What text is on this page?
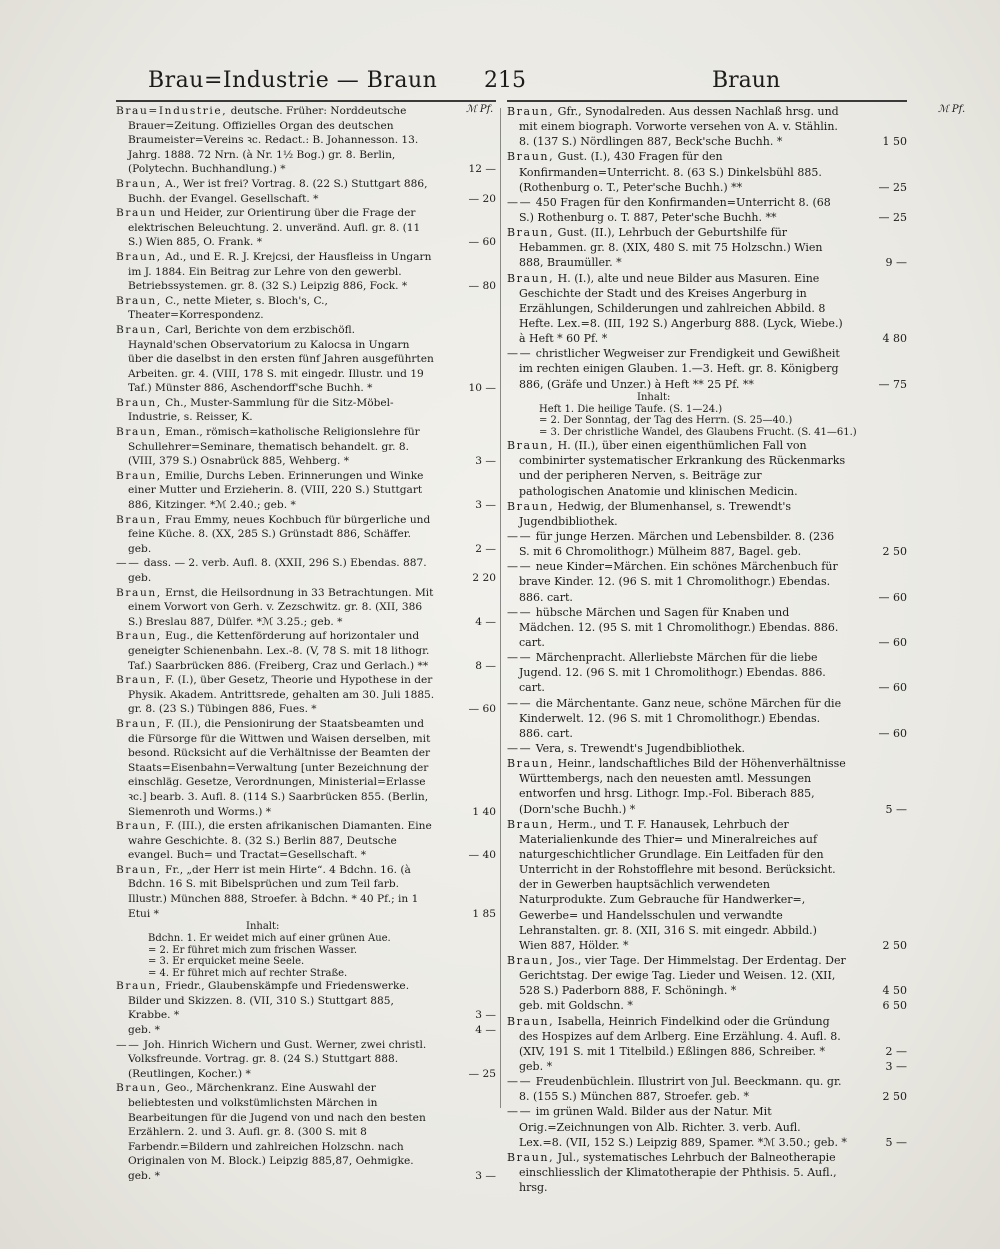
Brau=Industrie — Braun 215	Braun
ℳ Pf.	ℳ Pf.
Brau=Industrie, deutsche. Früher: Norddeutsche Brauer=Zeitung. Offizielles Organ des deutschen Braumeister=Vereins ꝛc. Redact.: B. Johannesson. 13. Jahrg. 1888. 72 Nrn. (à Nr. 1½ Bog.) gr. 8. Berlin, (Polytechn. Buchhandlung.) *	12 —
Braun, A., Wer ist frei? Vortrag. 8. (22 S.) Stuttgart 886, Buchh. der Evangel. Gesellschaft. *	— 20
Braun und Heider, zur Orientirung über die Frage der elektrischen Beleuchtung. 2. unveränd. Aufl. gr. 8. (11 S.) Wien 885, O. Frank. *	— 60
Braun, Ad., und E. R. J. Krejcsi, der Hausfleiss in Ungarn im J. 1884. Ein Beitrag zur Lehre von den gewerbl. Betriebssystemen. gr. 8. (32 S.) Leipzig 886, Fock. *	— 80
Braun, C., nette Mieter, s. Bloch's, C., Theater=Korrespondenz.
Braun, Carl, Berichte von dem erzbischöfl. Haynald'schen Observatorium zu Kalocsa in Ungarn über die daselbst in den ersten fünf Jahren ausgeführten Arbeiten. gr. 4. (VIII, 178 S. mit eingedr. Illustr. und 19 Taf.) Münster 886, Aschendorff'sche Buchh. *	10 —
Braun, Ch., Muster-Sammlung für die Sitz-Möbel-Industrie, s. Reisser, K.
Braun, Eman., römisch=katholische Religionslehre für Schullehrer=Seminare, thematisch behandelt. gr. 8. (VIII, 379 S.) Osnabrück 885, Wehberg. *	3 —
Braun, Emilie, Durchs Leben. Erinnerungen und Winke einer Mutter und Erzieherin. 8. (VIII, 220 S.) Stuttgart 886, Kitzinger. *ℳ 2.40.; geb. *	3 —
Braun, Frau Emmy, neues Kochbuch für bürgerliche und feine Küche. 8. (XX, 285 S.) Grünstadt 886, Schäffer. geb.	2 —
—— dass. — 2. verb. Aufl. 8. (XXII, 296 S.) Ebendas. 887. geb.	2 20
Braun, Ernst, die Heilsordnung in 33 Betrachtungen. Mit einem Vorwort von Gerh. v. Zezschwitz. gr. 8. (XII, 386 S.) Breslau 887, Dülfer. *ℳ 3.25.; geb. *	4 —
Braun, Eug., die Kettenförderung auf horizontaler und geneigter Schienenbahn. Lex.-8. (V, 78 S. mit 18 lithogr. Taf.) Saarbrücken 886. (Freiberg, Craz und Gerlach.) **	8 —
Braun, F. (I.), über Gesetz, Theorie und Hypothese in der Physik. Akadem. Antrittsrede, gehalten am 30. Juli 1885. gr. 8. (23 S.) Tübingen 886, Fues. *	— 60
Braun, F. (II.), die Pensionirung der Staatsbeamten und die Fürsorge für die Wittwen und Waisen derselben, mit besond. Rücksicht auf die Verhältnisse der Beamten der Staats=Eisenbahn=Verwaltung [unter Bezeichnung der einschläg. Gesetze, Verordnungen, Ministerial=Erlasse ꝛc.] bearb. 3. Aufl. 8. (114 S.) Saarbrücken 855. (Berlin, Siemenroth und Worms.) *	1 40
Braun, F. (III.), die ersten afrikanischen Diamanten. Eine wahre Geschichte. 8. (32 S.) Berlin 887, Deutsche evangel. Buch= und Tractat=Gesellschaft. *	— 40
Braun, Fr., „der Herr ist mein Hirte“. 4 Bdchn. 16. (à Bdchn. 16 S. mit Bibelsprüchen und zum Teil farb. Illustr.) München 888, Stroefer. à Bdchn. * 40 Pf.; in 1 Etui *	1 85
Inhalt:
Bdchn. 1. Er weidet mich auf einer grünen Aue.
= 2. Er führet mich zum frischen Wasser.
= 3. Er erquicket meine Seele.
= 4. Er führet mich auf rechter Straße.
Braun, Friedr., Glaubenskämpfe und Friedenswerke. Bilder und Skizzen. 8. (VII, 310 S.) Stuttgart 885, Krabbe. *	3 —
geb. *	4 —
—— Joh. Hinrich Wichern und Gust. Werner, zwei christl. Volksfreunde. Vortrag. gr. 8. (24 S.) Stuttgart 888. (Reutlingen, Kocher.) *	— 25
Braun, Geo., Märchenkranz. Eine Auswahl der beliebtesten und volkstümlichsten Märchen in Bearbeitungen für die Jugend von und nach den besten Erzählern. 2. und 3. Aufl. gr. 8. (300 S. mit 8 Farbendr.=Bildern und zahlreichen Holzschn. nach Originalen von M. Block.) Leipzig 885,87, Oehmigke. geb. *	3 —
Braun, Gfr., Synodalreden. Aus dessen Nachlaß hrsg. und mit einem biograph. Vorworte versehen von A. v. Stählin. 8. (137 S.) Nördlingen 887, Beck'sche Buchh. *	1 50
Braun, Gust. (I.), 430 Fragen für den Konfirmanden=Unterricht. 8. (63 S.) Dinkelsbühl 885. (Rothenburg o. T., Peter'sche Buchh.) **	— 25
—— 450 Fragen für den Konfirmanden=Unterricht 8. (68 S.) Rothenburg o. T. 887, Peter'sche Buchh. **	— 25
Braun, Gust. (II.), Lehrbuch der Geburtshilfe für Hebammen. gr. 8. (XIX, 480 S. mit 75 Holzschn.) Wien 888, Braumüller. *	9 —
Braun, H. (I.), alte und neue Bilder aus Masuren. Eine Geschichte der Stadt und des Kreises Angerburg in Erzählungen, Schilderungen und zahlreichen Abbild. 8 Hefte. Lex.=8. (III, 192 S.) Angerburg 888. (Lyck, Wiebe.) à Heft * 60 Pf. *	4 80
—— christlicher Wegweiser zur Frendigkeit und Gewißheit im rechten einigen Glauben. 1.—3. Heft. gr. 8. Königberg 886, (Gräfe und Unzer.) à Heft ** 25 Pf. **	— 75
Inhalt:
Heft 1. Die heilige Taufe. (S. 1—24.)
= 2. Der Sonntag, der Tag des Herrn. (S. 25—40.)
= 3. Der christliche Wandel, des Glaubens Frucht. (S. 41—61.)
Braun, H. (II.), über einen eigenthümlichen Fall von combinirter systematischer Erkrankung des Rückenmarks und der peripheren Nerven, s. Beiträge zur pathologischen Anatomie und klinischen Medicin.
Braun, Hedwig, der Blumenhansel, s. Trewendt's Jugendbibliothek.
—— für junge Herzen. Märchen und Lebensbilder. 8. (236 S. mit 6 Chromolithogr.) Mülheim 887, Bagel. geb.	2 50
—— neue Kinder=Märchen. Ein schönes Märchenbuch für brave Kinder. 12. (96 S. mit 1 Chromolithogr.) Ebendas. 886. cart.	— 60
—— hübsche Märchen und Sagen für Knaben und Mädchen. 12. (95 S. mit 1 Chromolithogr.) Ebendas. 886. cart.	— 60
—— Märchenpracht. Allerliebste Märchen für die liebe Jugend. 12. (96 S. mit 1 Chromolithogr.) Ebendas. 886. cart.	— 60
—— die Märchentante. Ganz neue, schöne Märchen für die Kinderwelt. 12. (96 S. mit 1 Chromolithogr.) Ebendas. 886. cart.	— 60
—— Vera, s. Trewendt's Jugendbibliothek.
Braun, Heinr., landschaftliches Bild der Höhenverhältnisse Württembergs, nach den neuesten amtl. Messungen entworfen und hrsg. Lithogr. Imp.-Fol. Biberach 885, (Dorn'sche Buchh.) *	5 —
Braun, Herm., und T. F. Hanausek, Lehrbuch der Materialienkunde des Thier= und Mineralreiches auf naturgeschichtlicher Grundlage. Ein Leitfaden für den Unterricht in der Rohstofflehre mit besond. Berücksicht. der in Gewerben hauptsächlich verwendeten Naturprodukte. Zum Gebrauche für Handwerker=, Gewerbe= und Handelsschulen und verwandte Lehranstalten. gr. 8. (XII, 316 S. mit eingedr. Abbild.) Wien 887, Hölder. *	2 50
Braun, Jos., vier Tage. Der Himmelstag. Der Erdentag. Der Gerichtstag. Der ewige Tag. Lieder und Weisen. 12. (XII, 528 S.) Paderborn 888, F. Schöningh. *	4 50
geb. mit Goldschn. *	6 50
Braun, Isabella, Heinrich Findelkind oder die Gründung des Hospizes auf dem Arlberg. Eine Erzählung. 4. Aufl. 8. (XIV, 191 S. mit 1 Titelbild.) Eßlingen 886, Schreiber. *	2 —
geb. *	3 —
—— Freudenbüchlein. Illustrirt von Jul. Beeckmann. qu. gr. 8. (155 S.) München 887, Stroefer. geb. *	2 50
—— im grünen Wald. Bilder aus der Natur. Mit Orig.=Zeichnungen von Alb. Richter. 3. verb. Aufl. Lex.=8. (VII, 152 S.) Leipzig 889, Spamer. *ℳ 3.50.; geb. *	5 —
Braun, Jul., systematisches Lehrbuch der Balneotherapie einschliesslich der Klimatotherapie der Phthisis. 5. Aufl., hrsg.
